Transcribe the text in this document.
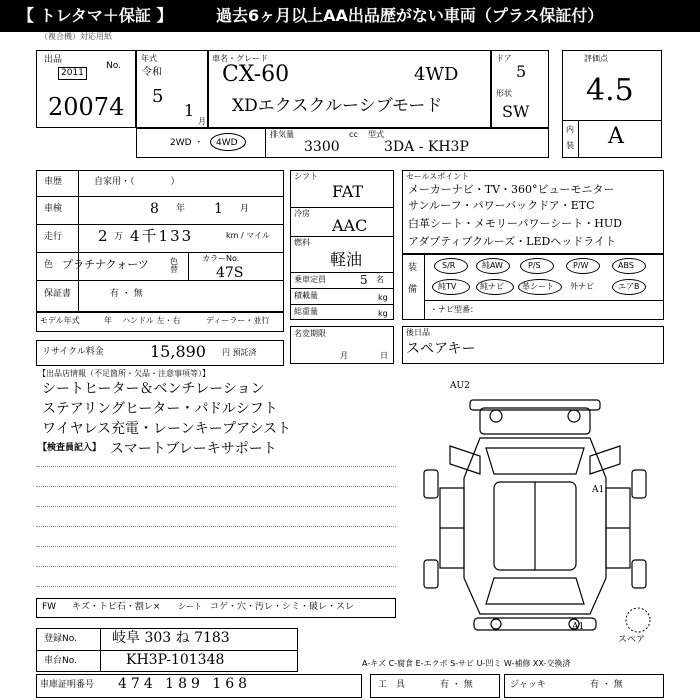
【 トレタマ＋保証 】	過去6ヶ月以上AA出品歴がない車両（プラス保証付）
（複合機）対応用紙
出品
2011
No.
20074
年式
令和
5
1
月
車名・グレード
CX-60	4WD
XDエクスクルーシブモード
ドア
5
形状
SW
評価点
4.5
内
装 A
2WD ・ 4WD
排気量
3300
cc 型式
3DA - KH3P
車歴	自家用・（　　　　）
車検	8 年 1 月
走行 2 万 4千133	km / マイル
色 プラチナクォーツ	色替
カラーNo.
47S
保証書	有 ・ 無
モデル年式	年 ハンドル 左・右	ディーラー・並行
シフト
FAT
冷房
AAC
燃料
軽油
乗車定員	5 名
積載量	kg
総重量	kg
名変期限
月	日
セールスポイント
メーカーナビ・TV・360°ビューモニター
サンルーフ・パワーバックドア・ETC
白革シート・メモリーパワーシート・HUD
アダプティブクルーズ・LEDヘッドライト
装
備
S/R	純AW	P/S	P/W	ABS
純TV	純ナビ 革シート 外ナビ	エアB
・ナビ型番：
後日品
スペアキー
リサイクル料金	15,890 円 預託済
【出品店情報（不足箇所・欠品・注意事項等）】
シートヒーター＆ベンチレーション
ステアリングヒーター・パドルシフト
ワイヤレス充電・レーンキープアシスト
【検査員記入】 スマートブレーキサポート
AU2
A1
A1
スペア
FW キズ・トビ石・割レ× シート コゲ・穴・汚レ・シミ・破レ・スレ
登録No.	岐阜 303 ね 7183
車台No.	KH3P-101348	A-キズ C-腐食 E-エクボ S-サビ U-凹ミ W-補修 XX-交換済
車庫証明番号 474 189 168	工　具	有 ・ 無	ジャッキ	有 ・ 無
